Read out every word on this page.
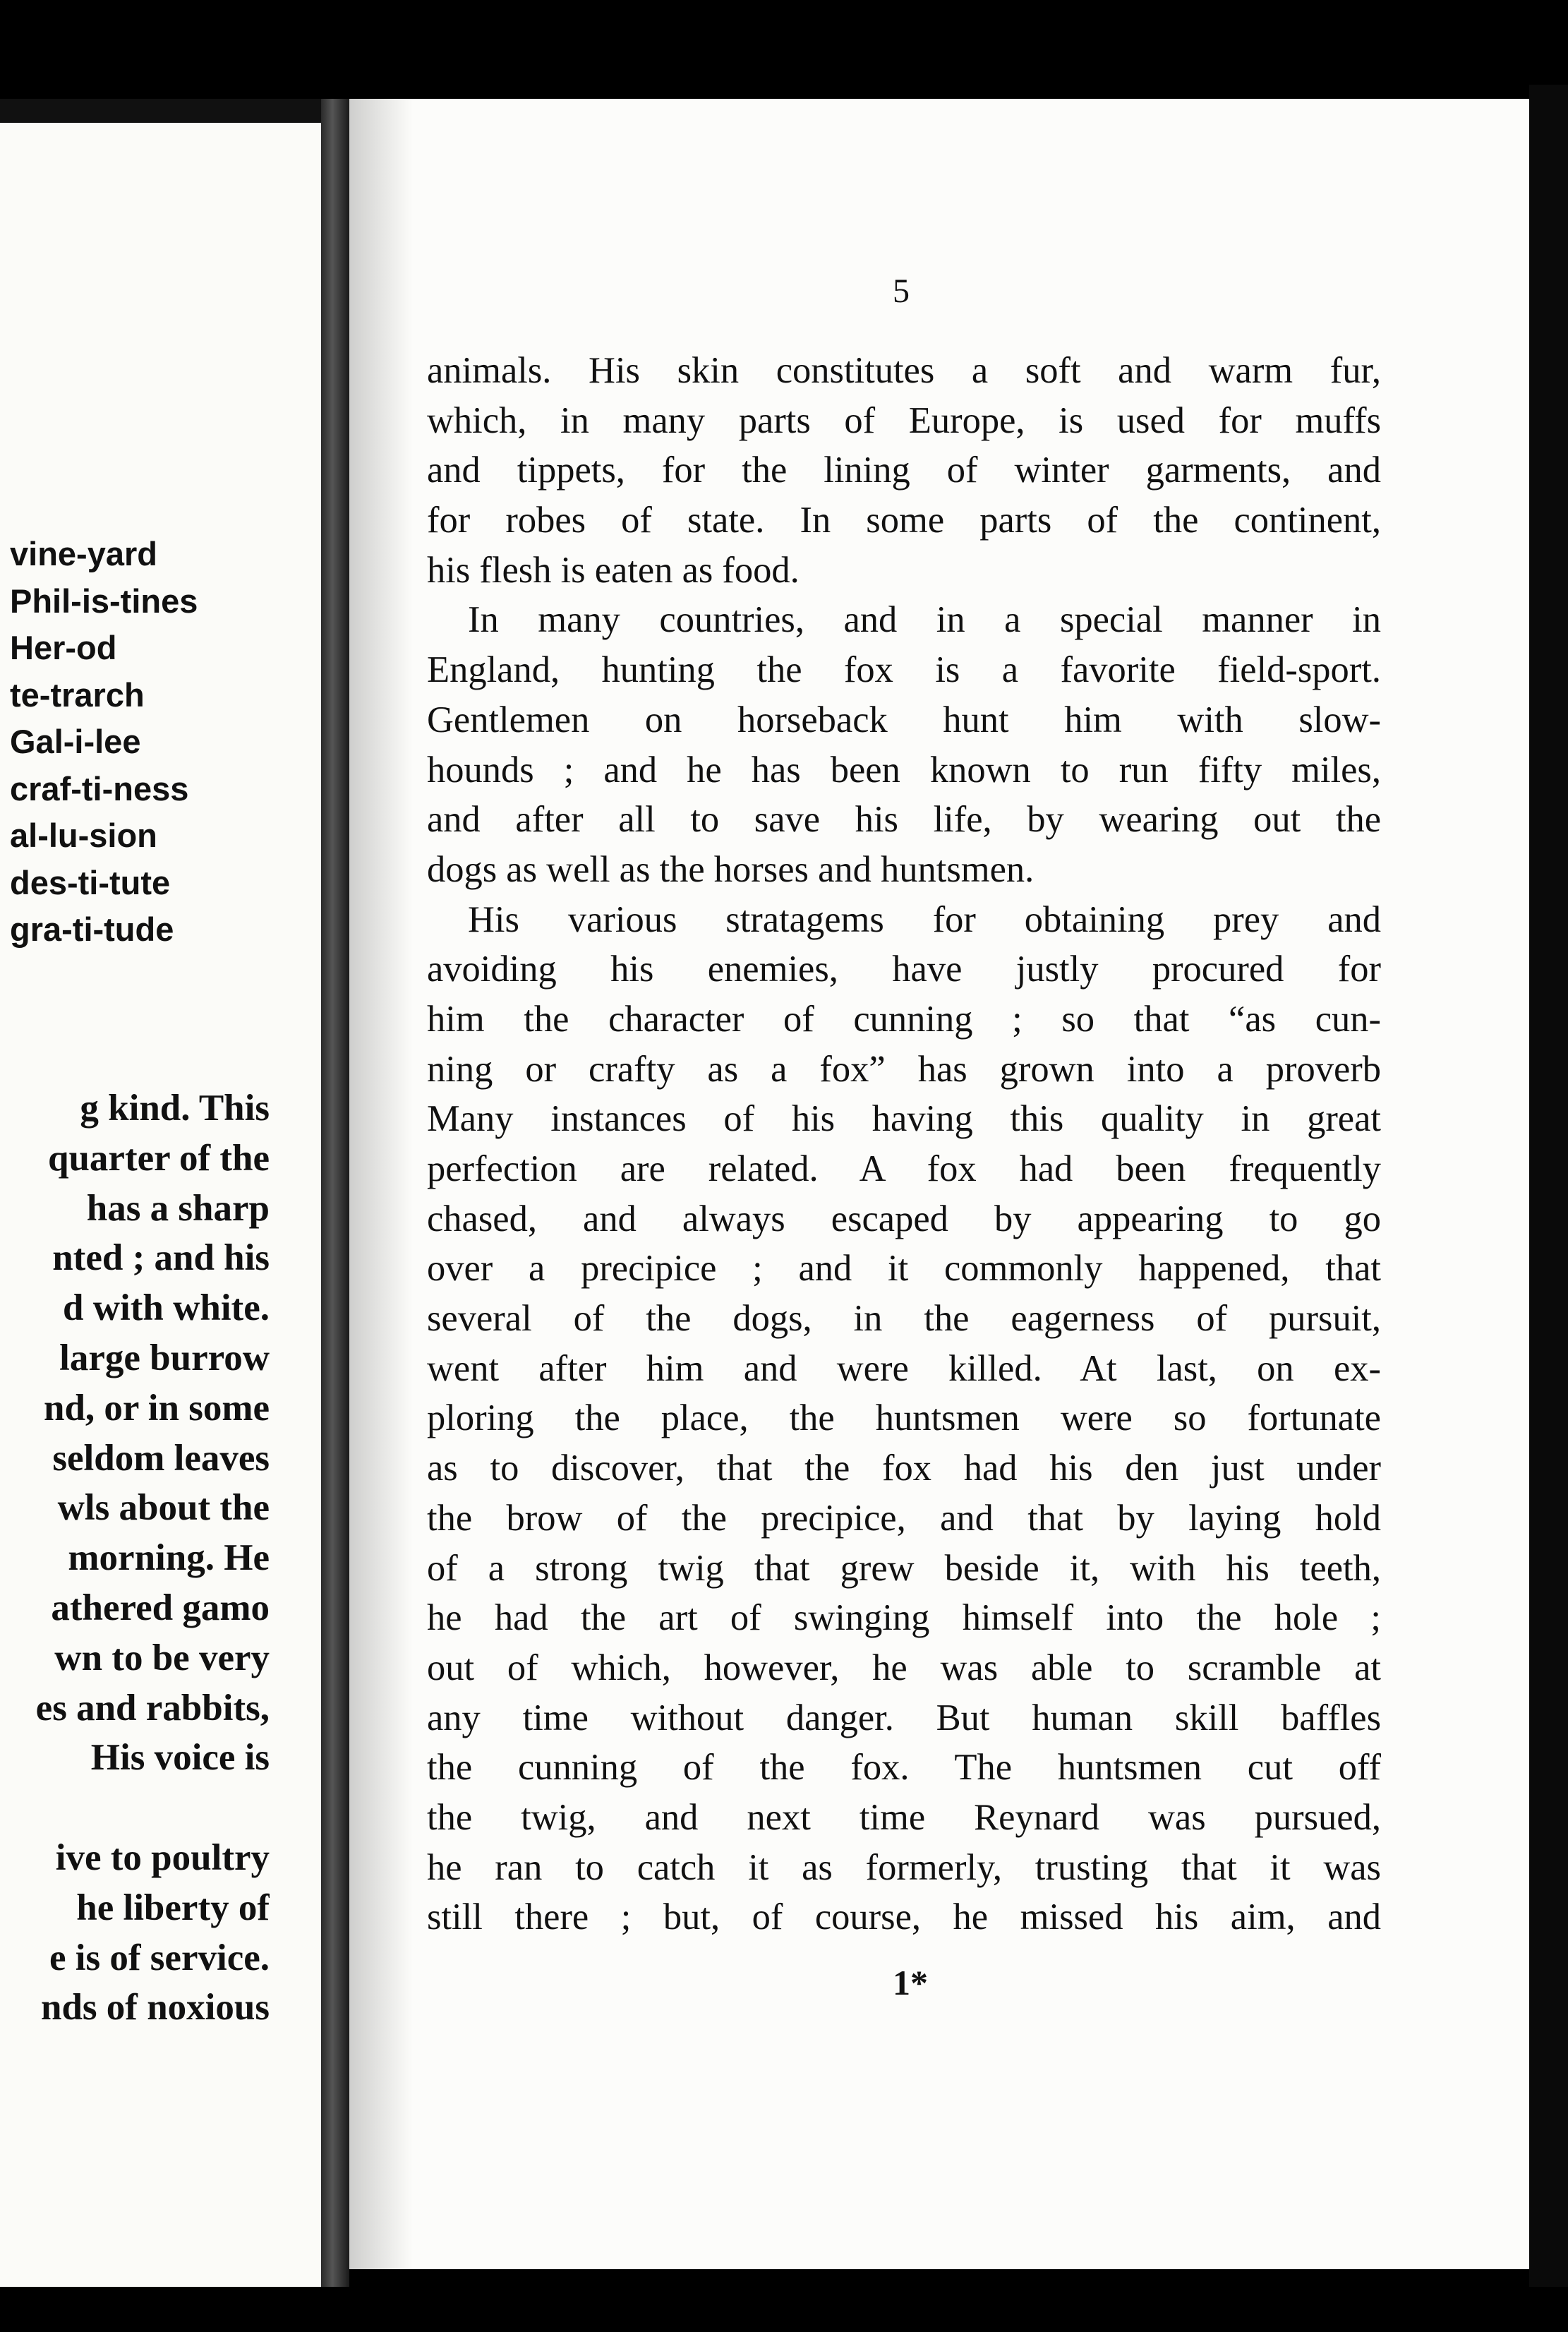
vine-yard
Phil-is-tines
Her-od
te-trarch
Gal-i-lee
craf-ti-ness
al-lu-sion
des-ti-tute
gra-ti-tude
g kind. This
quarter of the
has a sharp
nted ; and his
d with white.
large burrow
nd, or in some
seldom leaves
wls about the
morning. He
athered gamo
wn to be very
es and rabbits,
His voice is
ive to poultry
he liberty of
e is of service.
nds of noxious
5
animals. His skin constitutes a soft and warm fur,
which, in many parts of Europe, is used for muffs
and tippets, for the lining of winter garments, and
for robes of state. In some parts of the continent,
his flesh is eaten as food.
In many countries, and in a special manner in
England, hunting the fox is a favorite field-sport.
Gentlemen on horseback hunt him with slow-
hounds ; and he has been known to run fifty miles,
and after all to save his life, by wearing out the
dogs as well as the horses and huntsmen.
His various stratagems for obtaining prey and
avoiding his enemies, have justly procured for
him the character of cunning ; so that “as cun-
ning or crafty as a fox” has grown into a proverb
Many instances of his having this quality in great
perfection are related. A fox had been frequently
chased, and always escaped by appearing to go
over a precipice ; and it commonly happened, that
several of the dogs, in the eagerness of pursuit,
went after him and were killed. At last, on ex-
ploring the place, the huntsmen were so fortunate
as to discover, that the fox had his den just under
the brow of the precipice, and that by laying hold
of a strong twig that grew beside it, with his teeth,
he had the art of swinging himself into the hole ;
out of which, however, he was able to scramble at
any time without danger. But human skill baffles
the cunning of the fox. The huntsmen cut off
the twig, and next time Reynard was pursued,
he ran to catch it as formerly, trusting that it was
still there ; but, of course, he missed his aim, and
1*
